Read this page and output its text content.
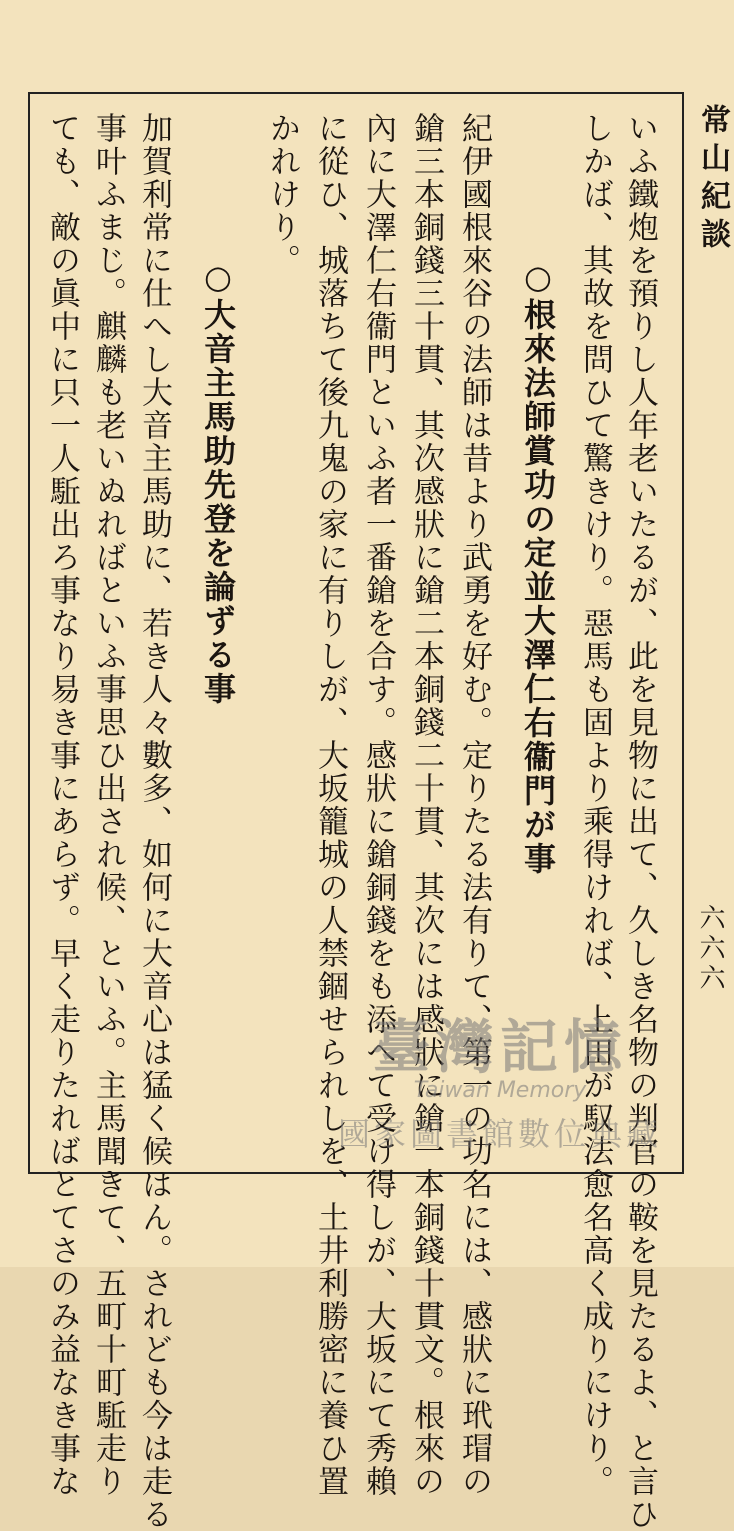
常山紀談
六六六
いふ鐵炮を預りし人年老いたるが、此を見物に出て、久しき名物の判官の鞍を見たるよ、と言ひ
しかば、其故を問ひて驚きけり。惡馬も固より乘得ければ、上田が馭法愈名高く成りにけり。
○根來法師賞功の定並大澤仁右衞門が事
紀伊國根來谷の法師は昔より武勇を好む。定りたる法有りて、第一の功名には、感狀に玳瑁の
鎗三本銅錢三十貫、其次感狀に鎗二本銅錢二十貫、其次には感狀に鎗一本銅錢十貫文。根來の
內に大澤仁右衞門といふ者一番鎗を合す。感狀に鎗銅錢をも添へて受け得しが、大坂にて秀賴
に從ひ、城落ちて後九鬼の家に有りしが、大坂籠城の人禁錮せられしを、土井利勝密に養ひ置
かれけり。
○大音主馬助先登を論ずる事
加賀利常に仕へし大音主馬助に、若き人々數多、如何に大音心は猛く候はん。されども今は走る
事叶ふまじ。麒麟も老いぬればといふ事思ひ出され候、といふ。主馬聞きて、五町十町駈走り
ても、敵の眞中に只一人駈出ろ事なり易き事にあらず。早く走りたればとてさのみ益なき事な	臺灣記憶
Taiwan Memory
國家圖書館數位典藏
